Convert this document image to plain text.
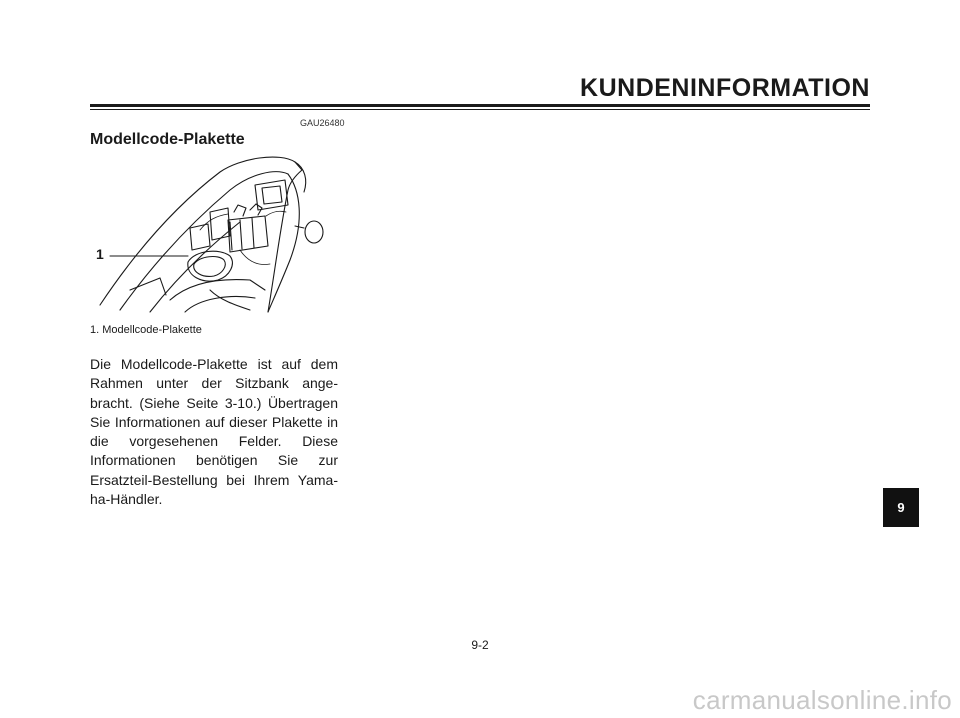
KUNDENINFORMATION
GAU26480
Modellcode-Plakette
1
1. Modellcode-Plakette

Die Modellcode-Plakette ist auf dem Rahmen unter der Sitzbank ange-bracht. (Siehe Seite 3-10.) Übertragen Sie Informationen auf dieser Plakette in die vorgesehenen Felder. Diese Informationen benötigen Sie zur Ersatzteil-Bestellung bei Ihrem Yama-ha-Händler.

9
9-2
carmanualsonline.info
